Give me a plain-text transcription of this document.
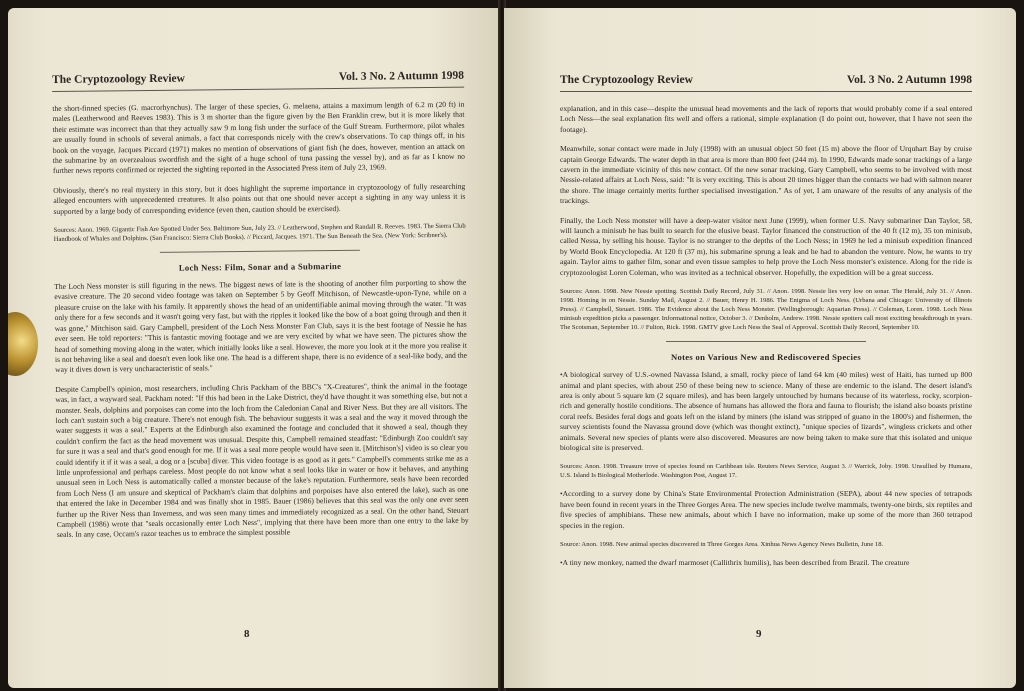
The Cryptozoology Review	Vol. 3 No. 2 Autumn 1998

the short-finned species (G. macrorhynchus). The larger of these species, G. melaena, attains a maximum length of 6.2 m (20 ft) in males (Leatherwood and Reeves 1983). This is 3 m shorter than the figure given by the Ben Franklin crew, but it is more likely that their estimate was incorrect than that they actually saw 9 m long fish under the surface of the Gulf Stream. Furthermore, pilot whales are usually found in schools of several animals, a fact that corresponds nicely with the crew's observations. To cap things off, in his book on the voyage, Jacques Piccard (1971) makes no mention of observations of giant fish (he does, however, mention an attack on the submarine by an overzealous swordfish and the sight of a huge school of tuna passing the vessel by), and as far as I know no further news reports confirmed or rejected the sighting reported in the Associated Press item of July 23, 1969.

Obviously, there's no real mystery in this story, but it does highlight the supreme importance in cryptozoology of fully researching alleged encounters with unprecedented creatures. It also points out that one should never accept a sighting in any way unless it is supported by a large body of corresponding evidence (even then, caution should be exercised).

Sources: Anon. 1969. Gigantic Fish Are Spotted Under Sea. Baltimore Sun, July 23. // Leatherwood, Stephen and Randall R. Reeves. 1983. The Sierra Club Handbook of Whales and Dolphins. (San Francisco: Sierra Club Books). // Piccard, Jacques. 1971. The Sun Beneath the Sea. (New York: Scribner's).

Loch Ness: Film, Sonar and a Submarine

The Loch Ness monster is still figuring in the news. The biggest news of late is the shooting of another film purporting to show the evasive creature. The 20 second video footage was taken on September 5 by Geoff Mitchison, of Newcastle-upon-Tyne, while on a pleasure cruise on the lake with his family. It apparently shows the head of an unidentifiable animal moving through the water. "It was only there for a few seconds and it wasn't going very fast, but with the ripples it looked like the bow of a boat going through and then it was gone," Mitchison said. Gary Campbell, president of the Loch Ness Monster Fan Club, says it is the best footage of Nessie he has ever seen. He told reporters: "This is fantastic moving footage and we are very excited by what we have seen. The pictures show the head of something moving along in the water, which initially looks like a seal. However, the more you look at it the more you realise it is not behaving like a seal and doesn't even look like one. The head is a different shape, there is no evidence of a seal-like body, and the way it dives down is very uncharacteristic of seals."

Despite Campbell's opinion, most researchers, including Chris Packham of the BBC's "X-Creatures", think the animal in the footage was, in fact, a wayward seal. Packham noted: "If this had been in the Lake District, they'd have thought it was something else, but not a monster. Seals, dolphins and porpoises can come into the loch from the Caledonian Canal and River Ness. But they are all visitors. The loch can't sustain such a big creature. There's not enough fish. The behaviour suggests it was a seal and the way it moved through the water suggests it was a seal." Experts at the Edinburgh also examined the footage and concluded that it showed a seal, though they couldn't confirm the fact as the head movement was unusual. Despite this, Campbell remained steadfast: "Edinburgh Zoo couldn't say for sure it was a seal and that's good enough for me. If it was a seal more people would have seen it. [Mitchison's] video is so clear you could identify it if it was a seal, a dog or a [scuba] diver. This video footage is as good as it gets." Campbell's comments strike me as a little unprofessional and perhaps careless. Most people do not know what a seal looks like in water or how it behaves, and anything unusual seen in Loch Ness is automatically called a monster because of the lake's reputation. Furthermore, seals have been recorded from Loch Ness (I am unsure and skeptical of Packham's claim that dolphins and porpoises have also entered the lake), such as one that entered the lake in December 1984 and was finally shot in 1985. Bauer (1986) believes that this seal was the only one ever seen further up the River Ness than Inverness, and was seen many times and immediately recognized as a seal. On the other hand, Steuart Campbell (1986) wrote that "seals occasionally enter Loch Ness", implying that there have been more than one entry to the lake by seals. In any case, Occam's razor teaches us to embrace the simplest possible

8
The Cryptozoology Review	Vol. 3 No. 2 Autumn 1998

explanation, and in this case—despite the unusual head movements and the lack of reports that would probably come if a seal entered Loch Ness—the seal explanation fits well and offers a rational, simple explanation (I do point out, however, that I have not seen the footage).

Meanwhile, sonar contact were made in July (1998) with an unusual object 50 feet (15 m) above the floor of Urquhart Bay by cruise captain George Edwards. The water depth in that area is more than 800 feet (244 m). In 1990, Edwards made sonar trackings of a large cavern in the immediate vicinity of this new contact. Of the new sonar tracking, Gary Campbell, who seems to be involved with most Nessie-related affairs at Loch Ness, said: "It is very exciting. This is about 20 times bigger than the contacts we had with salmon nearer the shore. The image certainly merits further specialised investigation." As of yet, I am unaware of the results of any analysis of the trackings.

Finally, the Loch Ness monster will have a deep-water visitor next June (1999), when former U.S. Navy submariner Dan Taylor, 58, will launch a minisub he has built to search for the elusive beast. Taylor financed the construction of the 40 ft (12 m), 35 ton minisub, called Nessa, by selling his house. Taylor is no stranger to the depths of the Loch Ness; in 1969 he led a minisub expedition financed by World Book Encyclopedia. At 120 ft (37 m), his submarine sprung a leak and he had to abandon the venture. Now, he wants to try again. Taylor aims to gather film, sonar and even tissue samples to help prove the Loch Ness monster's existence. Along for the ride is cryptozoologist Loren Coleman, who was invited as a technical observer. Hopefully, the expedition will be a great success.

Sources: Anon. 1998. New Nessie spotting. Scottish Daily Record, July 31. // Anon. 1998. Nessie lies very low on sonar. The Herald, July 31. // Anon. 1998. Homing in on Nessie. Sunday Mail, August 2. // Bauer, Henry H. 1986. The Enigma of Loch Ness. (Urbana and Chicago: University of Illinois Press). // Campbell, Steuart. 1986. The Evidence about the Loch Ness Monster. (Wellingborough: Aquarian Press). // Coleman, Loren. 1998. Loch Ness minisub expedition picks a passenger. Informational notice, October 3. // Denholm, Andrew. 1998. Nessie spotters call most exciting breakthrough in years. The Scotsman, September 10. // Fulton, Rick. 1998. GMTV give Loch Ness the Seal of Approval. Scottish Daily Record, September 10.

Notes on Various New and Rediscovered Species

• A biological survey of U.S.-owned Navassa Island, a small, rocky piece of land 64 km (40 miles) west of Haiti, has turned up 800 animal and plant species, with about 250 of these being new to science. Many of these are endemic to the island. The desert island's area is only about 5 square km (2 square miles), and has been largely untouched by humans because of its waterless, rocky, scorpion-rich and generally hostile conditions. The absence of humans has allowed the flora and fauna to flourish; the island also boasts pristine coral reefs. Besides feral dogs and goats left on the island by miners (the island was stripped of guano in the 1800's) and fishermen, the survey scientists found the Navassa ground dove (which was thought extinct), "unique species of lizards", wingless crickets and other animals. Several new species of plants were also discovered. Measures are now being taken to make sure that this isolated and unique biological site is preserved.

Sources: Anon. 1998. Treasure trove of species found on Caribbean isle. Reuters News Service, August 3. // Warrick, Joby. 1998. Unsullied by Humans, U.S. Island Is Biological Motherlode. Washington Post, August 17.

• According to a survey done by China's State Environmental Protection Administration (SEPA), about 44 new species of tetrapods have been found in recent years in the Three Gorges Area. The new species include twelve mammals, twenty-one birds, six reptiles and five species of amphibians. These new animals, about which I have no information, make up some of the more than 360 tetrapod species in the region.

Source: Anon. 1998. New animal species discovered in Three Gorges Area. Xinhua News Agency News Bulletin, June 18.

• A tiny new monkey, named the dwarf marmoset (Callithrix humilis), has been described from Brazil. The creature

9
